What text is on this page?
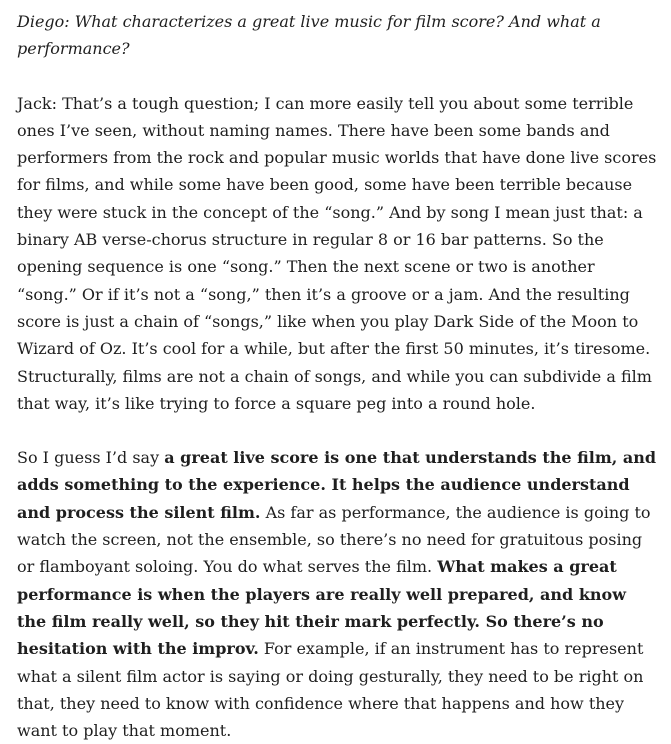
Diego: What characterizes a great live music for film score? And what a performance?

Jack: That’s a tough question; I can more easily tell you about some terrible ones I’ve seen, without naming names. There have been some bands and performers from the rock and popular music worlds that have done live scores for films, and while some have been good, some have been terrible because they were stuck in the concept of the “song.” And by song I mean just that: a binary AB verse-chorus structure in regular 8 or 16 bar patterns. So the opening sequence is one “song.” Then the next scene or two is another “song.” Or if it’s not a “song,” then it’s a groove or a jam. And the resulting score is just a chain of “songs,” like when you play Dark Side of the Moon to Wizard of Oz. It’s cool for a while, but after the first 50 minutes, it’s tiresome. Structurally, films are not a chain of songs, and while you can subdivide a film that way, it’s like trying to force a square peg into a round hole.

So I guess I’d say a great live score is one that understands the film, and adds something to the experience. It helps the audience understand and process the silent film. As far as performance, the audience is going to watch the screen, not the ensemble, so there’s no need for gratuitous posing or flamboyant soloing. You do what serves the film. What makes a great performance is when the players are really well prepared, and know the film really well, so they hit their mark perfectly. So there’s no hesitation with the improv. For example, if an instrument has to represent what a silent film actor is saying or doing gesturally, they need to be right on that, they need to know with confidence where that happens and how they want to play that moment.
